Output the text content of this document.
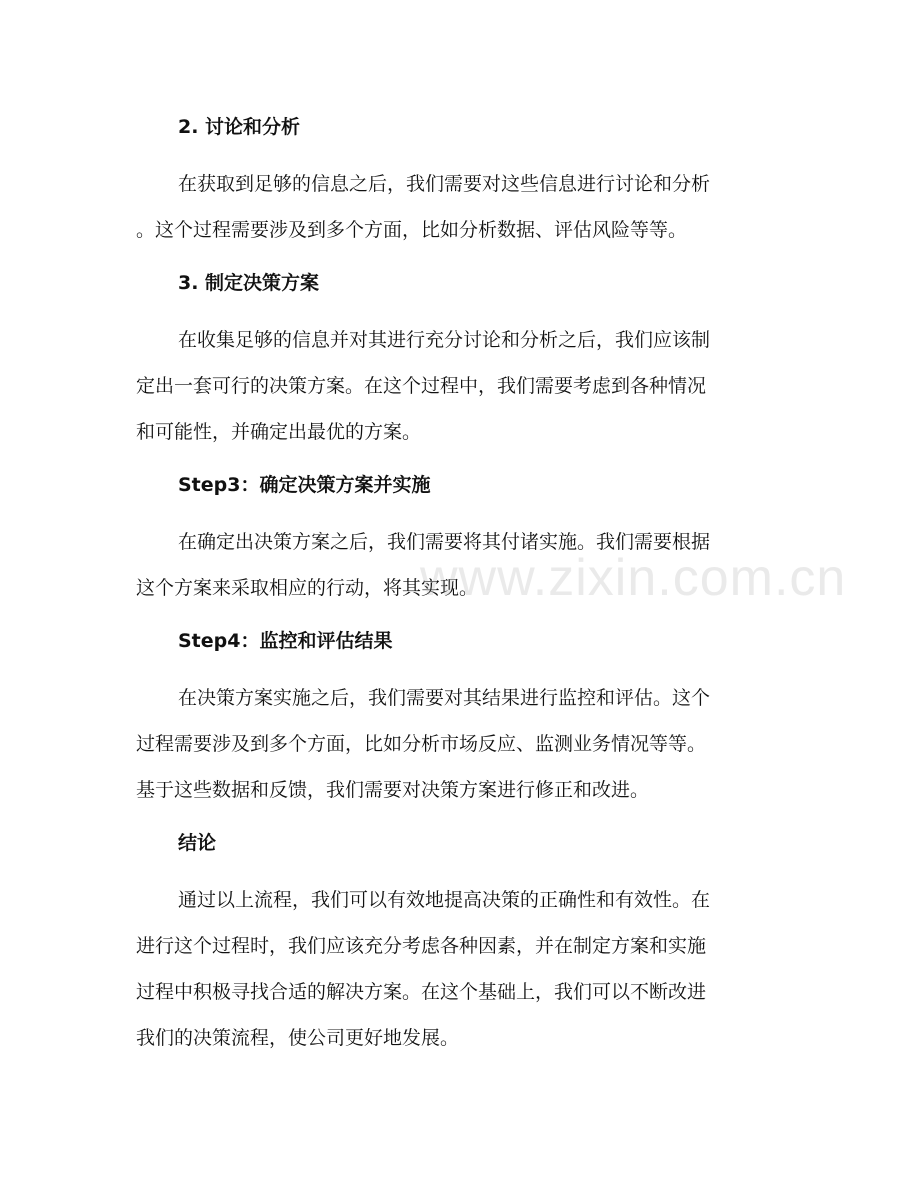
2. 讨论和分析

在获取到足够的信息之后，我们需要对这些信息进行讨论和分析
。这个过程需要涉及到多个方面，比如分析数据、评估风险等等。

3. 制定决策方案

在收集足够的信息并对其进行充分讨论和分析之后，我们应该制
定出一套可行的决策方案。在这个过程中，我们需要考虑到各种情况
和可能性，并确定出最优的方案。

Step3：确定决策方案并实施

在确定出决策方案之后，我们需要将其付诸实施。我们需要根据
这个方案来采取相应的行动，将其实现。

Step4：监控和评估结果

在决策方案实施之后，我们需要对其结果进行监控和评估。这个
过程需要涉及到多个方面，比如分析市场反应、监测业务情况等等。
基于这些数据和反馈，我们需要对决策方案进行修正和改进。

结论

通过以上流程，我们可以有效地提高决策的正确性和有效性。在
进行这个过程时，我们应该充分考虑各种因素，并在制定方案和实施
过程中积极寻找合适的解决方案。在这个基础上，我们可以不断改进
我们的决策流程，使公司更好地发展。

www.zixin.com.cn
